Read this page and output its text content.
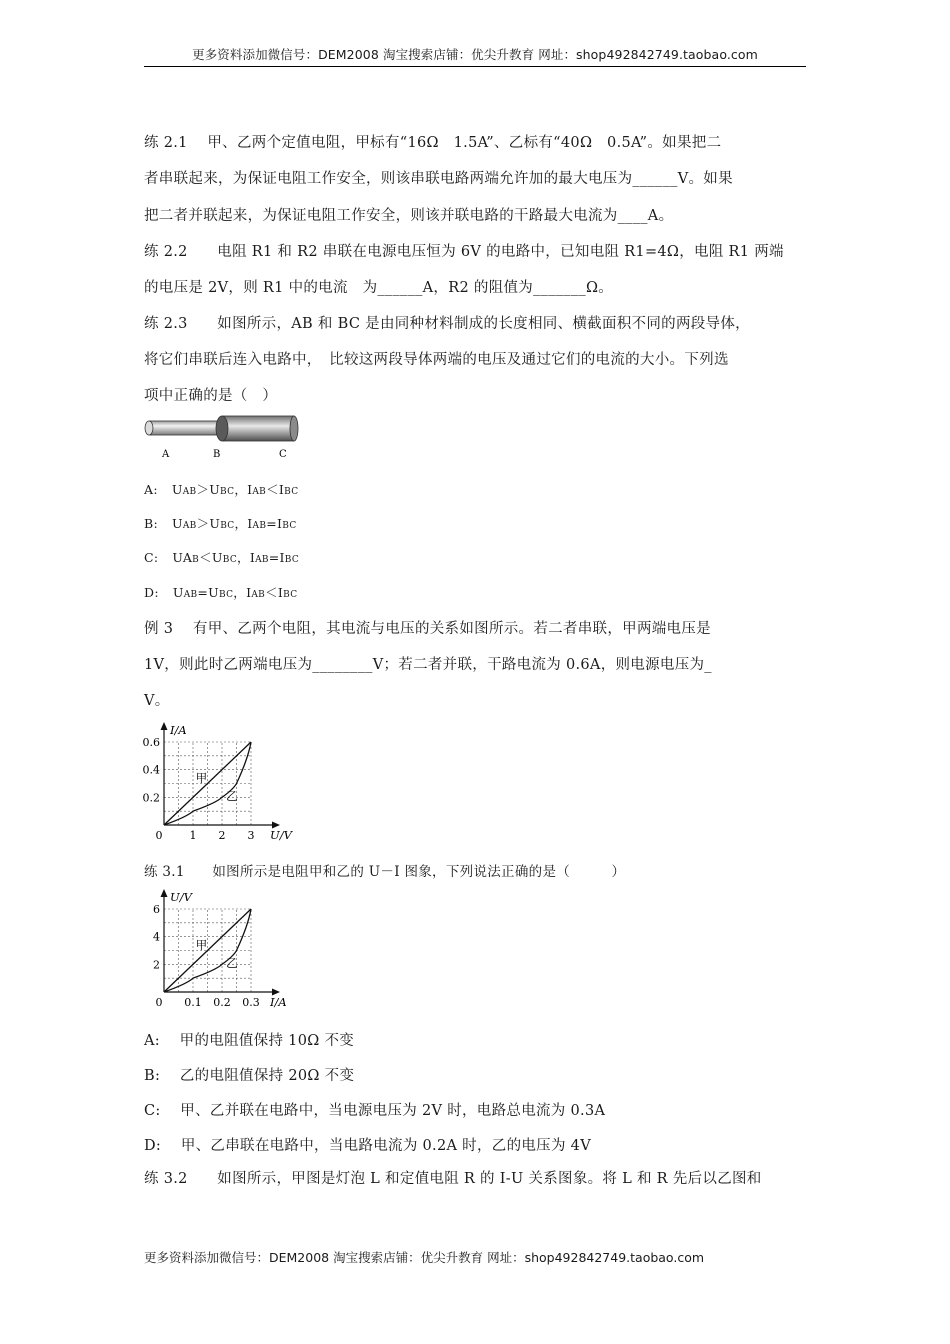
更多资料添加微信号：DEM2008 淘宝搜索店铺：优尖升教育 网址：shop492842749.taobao.com
练 2.1　 甲、乙两个定值电阻，甲标有“16Ω　1.5A”、乙标有“40Ω　0.5A”。如果把二
者串联起来，为保证电阻工作安全，则该串联电路两端允许加的最大电压为______V。如果
把二者并联起来，为保证电阻工作安全，则该并联电路的干路最大电流为____A。
练 2.2　　电阻 R1 和 R2 串联在电源电压恒为 6V 的电路中，已知电阻 R1=4Ω，电阻 R1 两端
的电压是 2V，则 R1 中的电流　为______A，R2 的阻值为_______Ω。
练 2.3　　如图所示，AB 和 BC 是由同种材料制成的长度相同、横截面积不同的两段导体，
将它们串联后连入电路中，　比较这两段导体两端的电压及通过它们的电流的大小。下列选
项中正确的是（　）
A	B	C
A: UAB＞UBC，IAB＜IBC
B: UAB＞UBC，IAB=IBC
C: UAB＜UBC，IAB=IBC
D: UAB=UBC，IAB＜IBC
例 3　 有甲、乙两个电阻，其电流与电压的关系如图所示。若二者串联，甲两端电压是
1V，则此时乙两端电压为________V；若二者并联，干路电流为 0.6A，则电源电压为_
V。
0 1 2 3
0.2
0.4
0.6
U/V
I/A
甲
乙
练 3.1　　如图所示是电阻甲和乙的 U－I 图象，下列说法正确的是（　　　）
0 0.1 0.2 0.3
2
4
6
I/A
U/V
甲
乙
A:　 甲的电阻值保持 10Ω 不变
B:　 乙的电阻值保持 20Ω 不变
C:　 甲、乙并联在电路中，当电源电压为 2V 时，电路总电流为 0.3A
D:　 甲、乙串联在电路中，当电路电流为 0.2A 时，乙的电压为 4V
练 3.2　　如图所示，甲图是灯泡 L 和定值电阻 R 的 I-U 关系图象。将 L 和 R 先后以乙图和
更多资料添加微信号：DEM2008 淘宝搜索店铺：优尖升教育 网址：shop492842749.taobao.com
